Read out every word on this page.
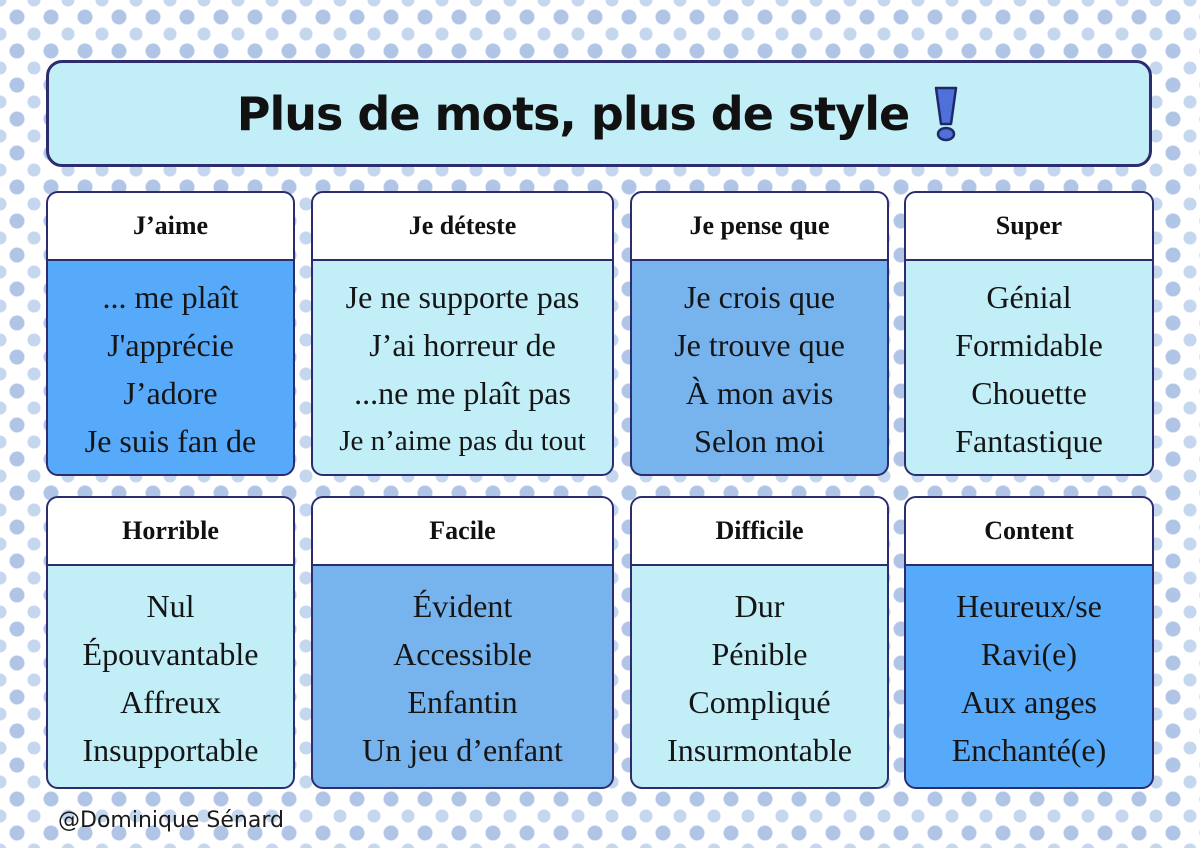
Plus de mots, plus de style
J’aime
... me plaît
J'apprécie
J’adore
Je suis fan de
Je déteste
Je ne supporte pas
J’ai horreur de
...ne me plaît pas
Je n’aime pas du tout
Je pense que
Je crois que
Je trouve que
À mon avis
Selon moi
Super
Génial
Formidable
Chouette
Fantastique
Horrible
Nul
Épouvantable
Affreux
Insupportable
Facile
Évident
Accessible
Enfantin
Un jeu d’enfant
Difficile
Dur
Pénible
Compliqué
Insurmontable
Content
Heureux/se
Ravi(e)
Aux anges
Enchanté(e)
@Dominique Sénard
